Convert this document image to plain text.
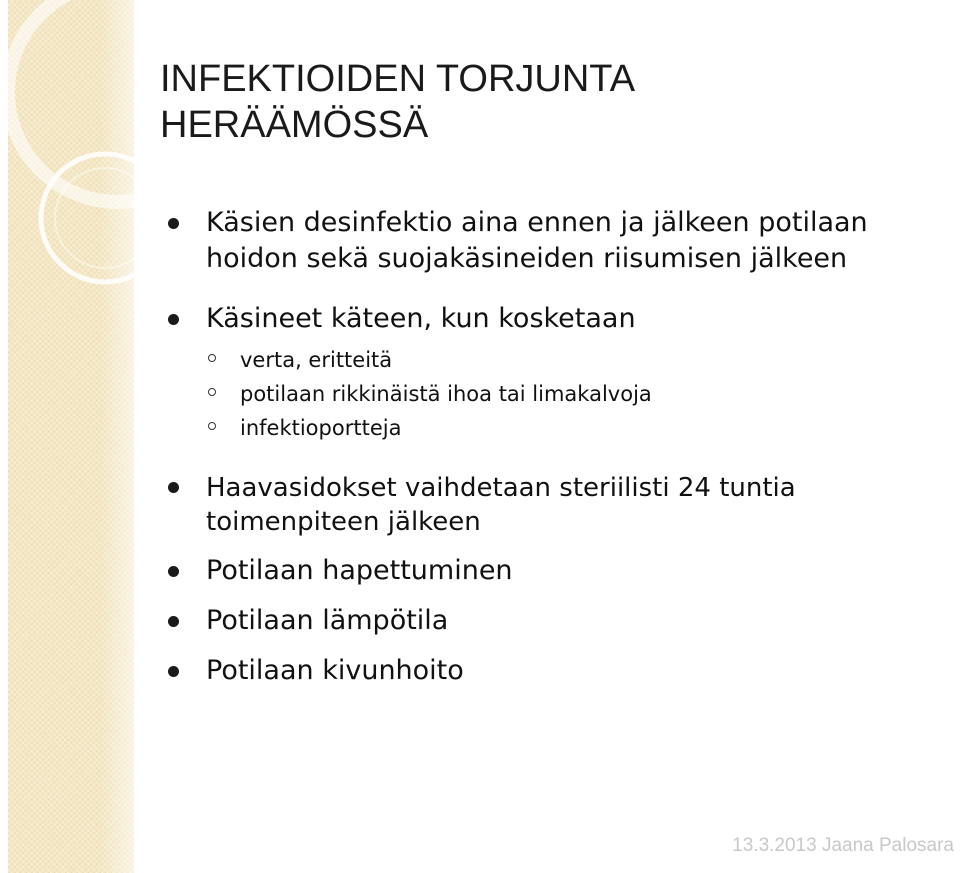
INFEKTIOIDEN TORJUNTA
HERÄÄMÖSSÄ
Käsien desinfektio aina ennen ja jälkeen potilaan
hoidon sekä suojakäsineiden riisumisen jälkeen
Käsineet käteen, kun kosketaan
verta, eritteitä
potilaan rikkinäistä ihoa tai limakalvoja
infektioportteja
Haavasidokset vaihdetaan steriilisti 24 tuntia
toimenpiteen jälkeen
Potilaan hapettuminen
Potilaan lämpötila
Potilaan kivunhoito
13.3.2013 Jaana Palosara
